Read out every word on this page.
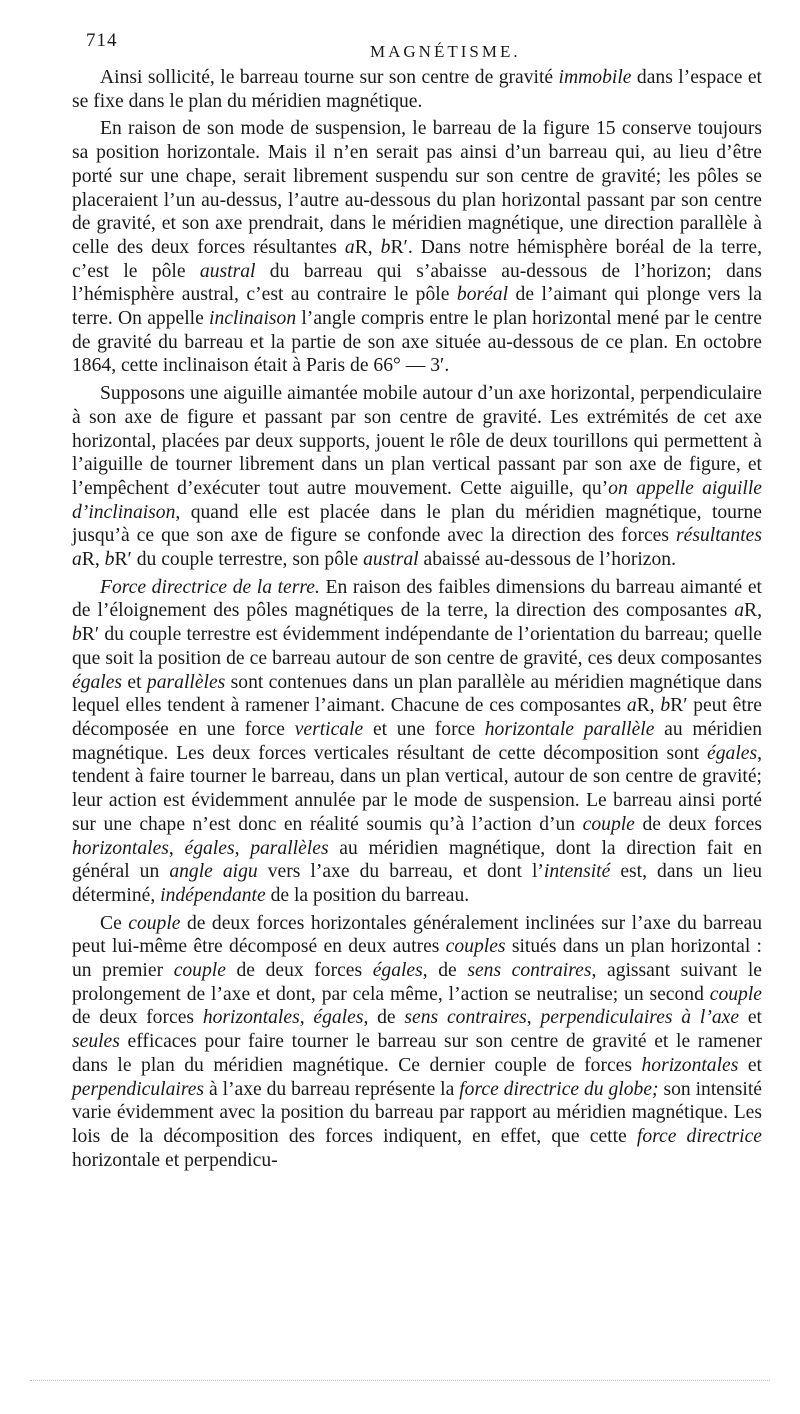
714
MAGNÉTISME.

Ainsi sollicité, le barreau tourne sur son centre de gravité immobile dans l’espace et se fixe dans le plan du méridien magnétique.

En raison de son mode de suspension, le barreau de la figure 15 conserve toujours sa position horizontale. Mais il n’en serait pas ainsi d’un barreau qui, au lieu d’être porté sur une chape, serait librement suspendu sur son centre de gravité; les pôles se placeraient l’un au-dessus, l’autre au-dessous du plan horizontal passant par son centre de gravité, et son axe prendrait, dans le méridien magnétique, une direction parallèle à celle des deux forces résultantes aR, bR′. Dans notre hémisphère boréal de la terre, c’est le pôle austral du barreau qui s’abaisse au-dessous de l’horizon; dans l’hémisphère austral, c’est au contraire le pôle boréal de l’aimant qui plonge vers la terre. On appelle inclinaison l’angle compris entre le plan horizontal mené par le centre de gravité du barreau et la partie de son axe située au-dessous de ce plan. En octobre 1864, cette inclinaison était à Paris de 66° — 3′.

Supposons une aiguille aimantée mobile autour d’un axe horizontal, perpendiculaire à son axe de figure et passant par son centre de gravité. Les extrémités de cet axe horizontal, placées par deux supports, jouent le rôle de deux tourillons qui permettent à l’aiguille de tourner librement dans un plan vertical passant par son axe de figure, et l’empêchent d’exécuter tout autre mouvement. Cette aiguille, qu’on appelle aiguille d’inclinaison, quand elle est placée dans le plan du méridien magnétique, tourne jusqu’à ce que son axe de figure se confonde avec la direction des forces résultantes aR, bR′ du couple terrestre, son pôle austral abaissé au-dessous de l’horizon.

Force directrice de la terre. En raison des faibles dimensions du barreau aimanté et de l’éloignement des pôles magnétiques de la terre, la direction des composantes aR, bR′ du couple terrestre est évidemment indépendante de l’orientation du barreau; quelle que soit la position de ce barreau autour de son centre de gravité, ces deux composantes égales et parallèles sont contenues dans un plan parallèle au méridien magnétique dans lequel elles tendent à ramener l’aimant. Chacune de ces composantes aR, bR′ peut être décomposée en une force verticale et une force horizontale parallèle au méridien magnétique. Les deux forces verticales résultant de cette décomposition sont égales, tendent à faire tourner le barreau, dans un plan vertical, autour de son centre de gravité; leur action est évidemment annulée par le mode de suspension. Le barreau ainsi porté sur une chape n’est donc en réalité soumis qu’à l’action d’un couple de deux forces horizontales, égales, parallèles au méridien magnétique, dont la direction fait en général un angle aigu vers l’axe du barreau, et dont l’intensité est, dans un lieu déterminé, indépendante de la position du barreau.

Ce couple de deux forces horizontales généralement inclinées sur l’axe du barreau peut lui-même être décomposé en deux autres couples situés dans un plan horizontal : un premier couple de deux forces égales, de sens contraires, agissant suivant le prolongement de l’axe et dont, par cela même, l’action se neutralise; un second couple de deux forces horizontales, égales, de sens contraires, perpendiculaires à l’axe et seules efficaces pour faire tourner le barreau sur son centre de gravité et le ramener dans le plan du méridien magnétique. Ce dernier couple de forces horizontales et perpendiculaires à l’axe du barreau représente la force directrice du globe; son intensité varie évidemment avec la position du barreau par rapport au méridien magnétique. Les lois de la décomposition des forces indiquent, en effet, que cette force directrice horizontale et perpendicu-
